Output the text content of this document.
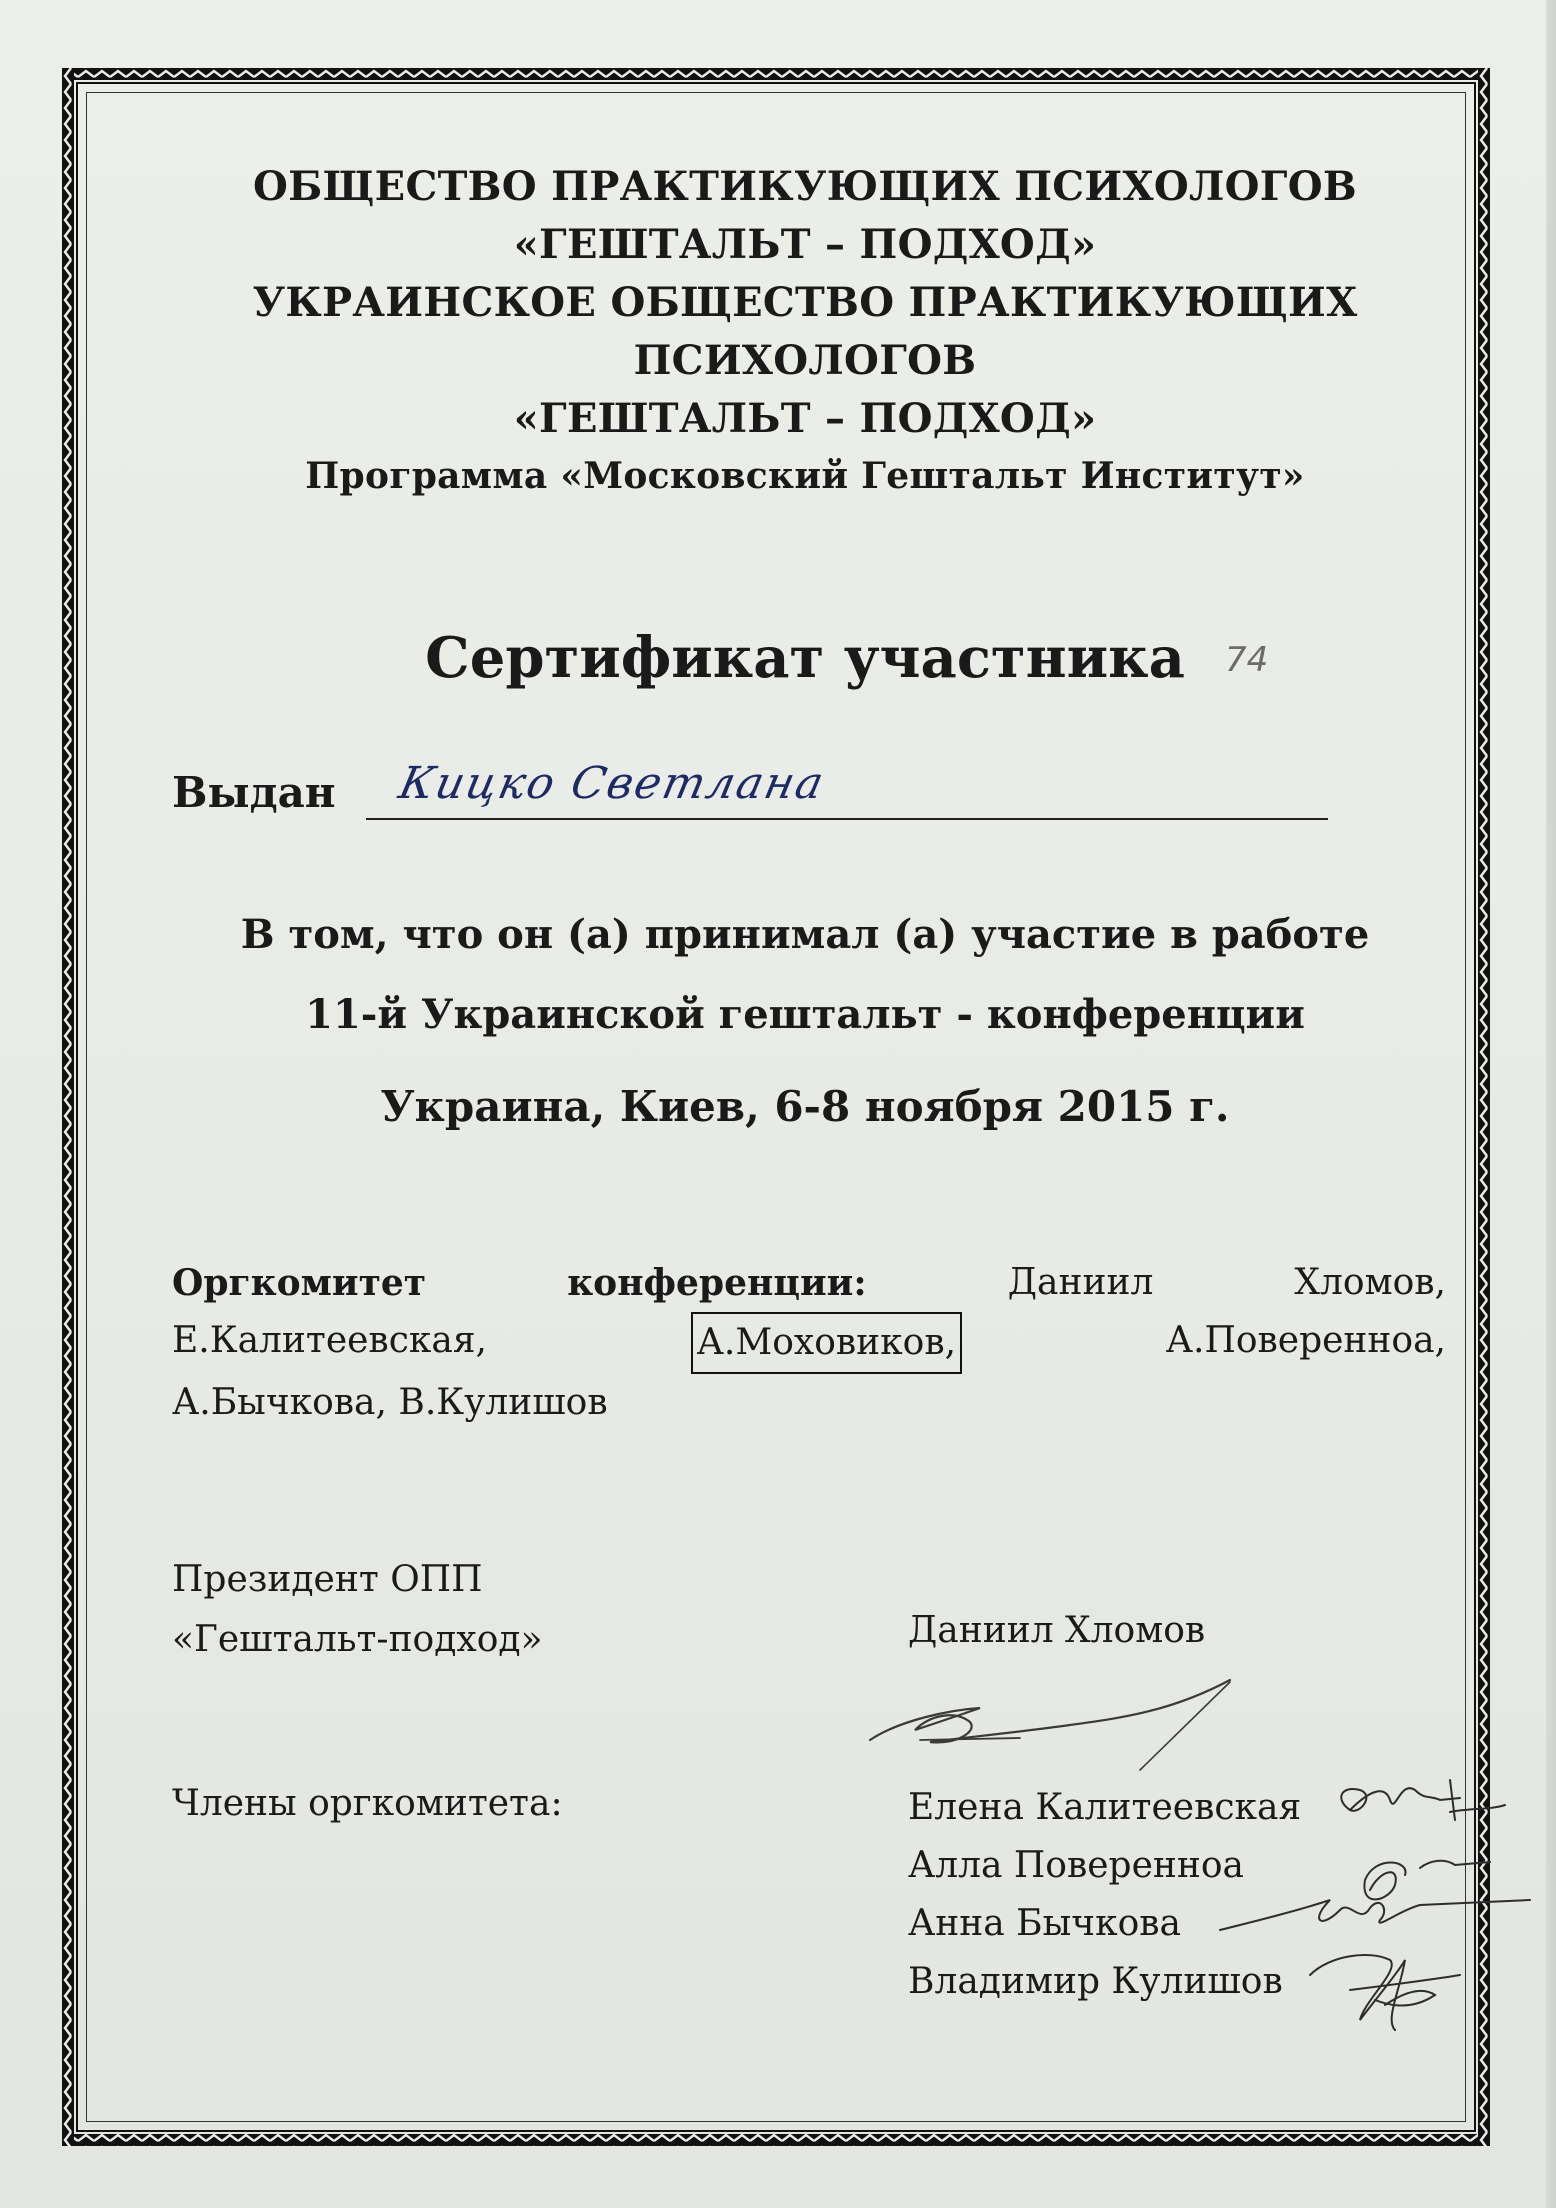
ОБЩЕСТВО ПРАКТИКУЮЩИХ ПСИХОЛОГОВ
«ГЕШТАЛЬТ – ПОДХОД»
УКРАИНСКОЕ ОБЩЕСТВО ПРАКТИКУЮЩИХ
ПСИХОЛОГОВ
«ГЕШТАЛЬТ – ПОДХОД»
Программа «Московский Гештальт Институт»
Сертификат участника	74
Выдан Кицко Светлана
В том, что он (а) принимал (а) участие в работе
11-й Украинской гештальт - конференции
Украина, Киев, 6-8 ноября 2015 г.
Оргкомитет	конференции:	Даниил	Хломов,
Е.Калитеевская,	А.Моховиков,	А.Поверенноа,
А.Бычкова, В.Кулишов
Президент ОПП
«Гештальт-подход»	Даниил Хломов
Члены оргкомитета:	Елена Калитеевская
Алла Поверенноа
Анна Бычкова
Владимир Кулишов
